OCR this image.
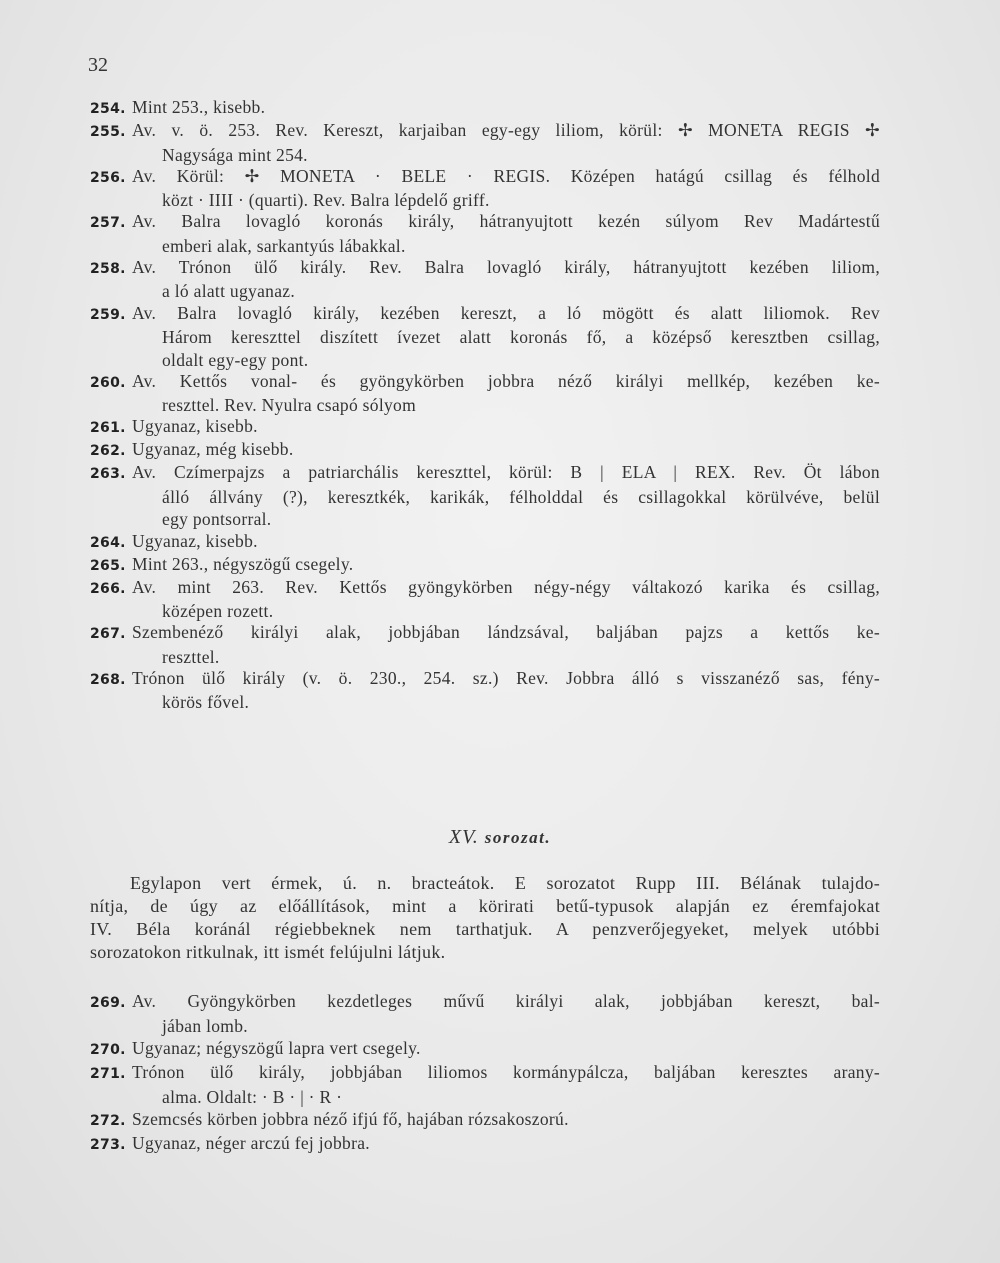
32
254. Mint 253., kisebb.
255. Av. v. ö. 253. Rev. Kereszt, karjaiban egy-egy liliom, körül: ✢ MONETA REGIS ✢
Nagysága mint 254.
256. Av. Körül: ✢ MONETA · BELE · REGIS. Középen hatágú csillag és félhold
közt · IIII · (quarti). Rev. Balra lépdelő griff.
257. Av. Balra lovagló koronás király, hátranyujtott kezén súlyom Rev Madártestű
emberi alak, sarkantyús lábakkal.
258. Av. Trónon ülő király. Rev. Balra lovagló király, hátranyujtott kezében liliom,
a ló alatt ugyanaz.
259. Av. Balra lovagló király, kezében kereszt, a ló mögött és alatt liliomok. Rev
Három kereszttel diszített ívezet alatt koronás fő, a középső keresztben csillag,
oldalt egy-egy pont.
260. Av. Kettős vonal- és gyöngykörben jobbra néző királyi mellkép, kezében ke-
reszttel. Rev. Nyulra csapó sólyom
261. Ugyanaz, kisebb.
262. Ugyanaz, még kisebb.
263. Av. Czímerpajzs a patriarchális kereszttel, körül: B | ELA | REX. Rev. Öt lábon
álló állvány (?), keresztkék, karikák, félholddal és csillagokkal körülvéve, belül
egy pontsorral.
264. Ugyanaz, kisebb.
265. Mint 263., négyszögű csegely.
266. Av. mint 263. Rev. Kettős gyöngykörben négy-négy váltakozó karika és csillag,
középen rozett.
267. Szembenéző királyi alak, jobbjában lándzsával, baljában pajzs a kettős ke-
reszttel.
268. Trónon ülő király (v. ö. 230., 254. sz.) Rev. Jobbra álló s visszanéző sas, fény-
körös fővel.
XV. sorozat.
Egylapon vert érmek, ú. n. bracteátok. E sorozatot Rupp III. Bélának tulajdo-
nítja, de úgy az előállítások, mint a körirati betű-typusok alapján ez éremfajokat
IV. Béla koránál régiebbeknek nem tarthatjuk. A penzverőjegyeket, melyek utóbbi
sorozatokon ritkulnak, itt ismét felújulni látjuk.
269. Av. Gyöngykörben kezdetleges művű királyi alak, jobbjában kereszt, bal-
jában lomb.
270. Ugyanaz; négyszögű lapra vert csegely.
271. Trónon ülő király, jobbjában liliomos kormánypálcza, baljában keresztes arany-
alma. Oldalt: · B · | · R ·
272. Szemcsés körben jobbra néző ifjú fő, hajában rózsakoszorú.
273. Ugyanaz, néger arczú fej jobbra.
